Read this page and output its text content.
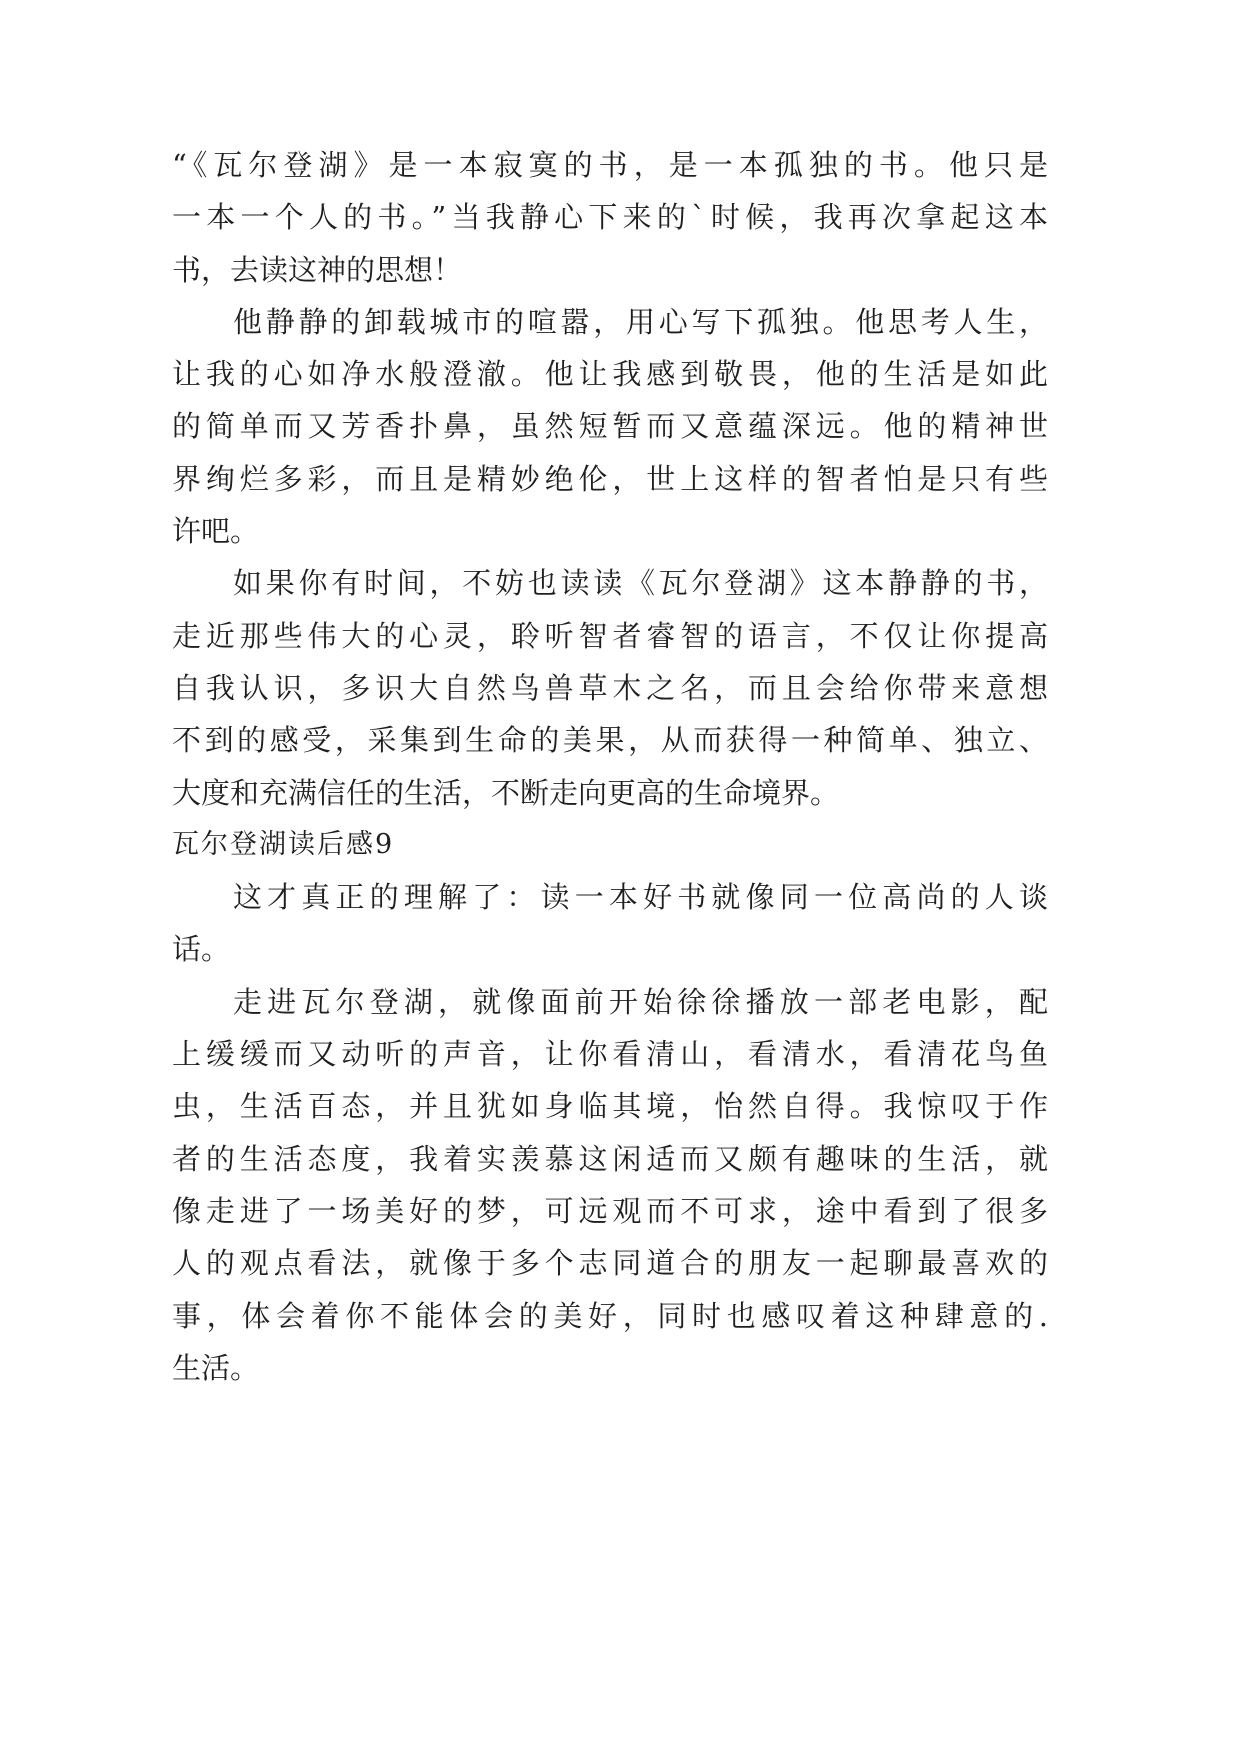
“《瓦尔登湖》是一本寂寞的书，是一本孤独的书。他只是
一本一个人的书。”当我静心下来的`时候，我再次拿起这本
书，去读这神的思想！
他静静的卸载城市的喧嚣，用心写下孤独。他思考人生，
让我的心如净水般澄澈。他让我感到敬畏，他的生活是如此
的简单而又芳香扑鼻，虽然短暂而又意蕴深远。他的精神世
界绚烂多彩，而且是精妙绝伦，世上这样的智者怕是只有些
许吧。
如果你有时间，不妨也读读《瓦尔登湖》这本静静的书，
走近那些伟大的心灵，聆听智者睿智的语言，不仅让你提高
自我认识，多识大自然鸟兽草木之名，而且会给你带来意想
不到的感受，采集到生命的美果，从而获得一种简单、独立、
大度和充满信任的生活，不断走向更高的生命境界。
瓦尔登湖读后感9
这才真正的理解了：读一本好书就像同一位高尚的人谈
话。
走进瓦尔登湖，就像面前开始徐徐播放一部老电影，配
上缓缓而又动听的声音，让你看清山，看清水，看清花鸟鱼
虫，生活百态，并且犹如身临其境，怡然自得。我惊叹于作
者的生活态度，我着实羡慕这闲适而又颇有趣味的生活，就
像走进了一场美好的梦，可远观而不可求，途中看到了很多
人的观点看法，就像于多个志同道合的朋友一起聊最喜欢的
事，体会着你不能体会的美好，同时也感叹着这种肆意的.
生活。
